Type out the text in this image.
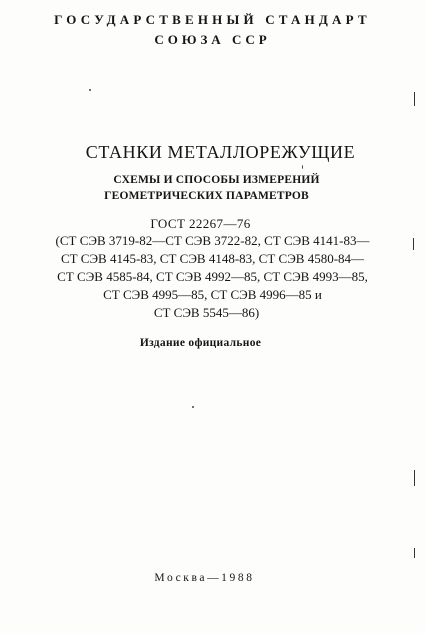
ГОСУДАРСТВЕННЫЙ СТАНДАРТ
СОЮЗА ССР
СТАНКИ МЕТАЛЛОРЕЖУЩИЕ
СХЕМЫ И СПОСОБЫ ИЗМЕРЕНИЙ
ГЕОМЕТРИЧЕСКИХ ПАРАМЕТРОВ
ГОСТ 22267—76
(СТ СЭВ 3719-82—СТ СЭВ 3722-82, СТ СЭВ 4141-83—
СТ СЭВ 4145-83, СТ СЭВ 4148-83, СТ СЭВ 4580-84—
СТ СЭВ 4585-84, СТ СЭВ 4992—85, СТ СЭВ 4993—85,
СТ СЭВ 4995—85, СТ СЭВ 4996—85 и
СТ СЭВ 5545—86)
Издание официальное
Москва—1988
